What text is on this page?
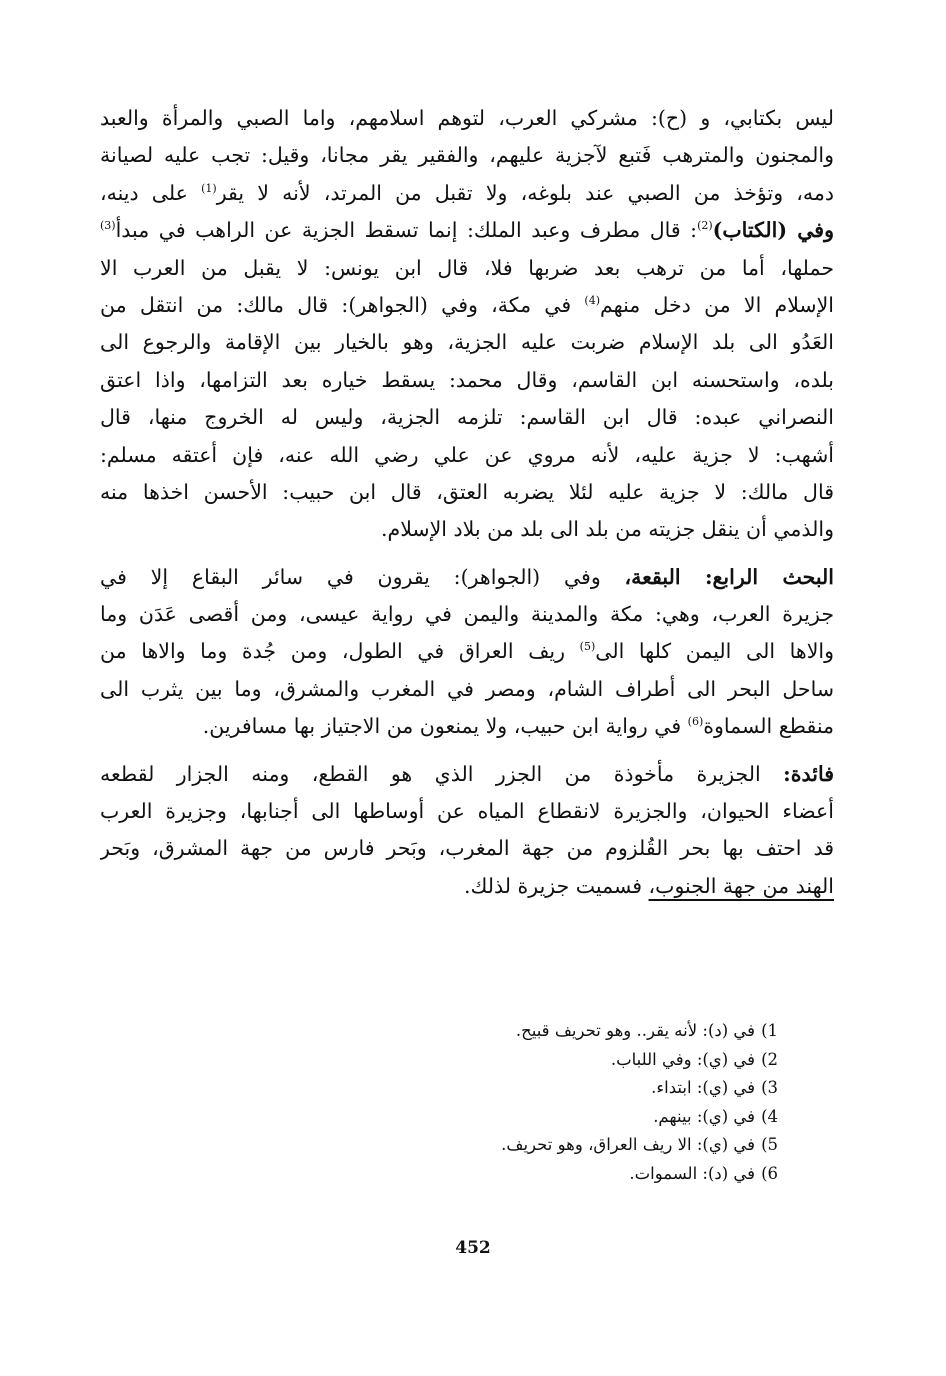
ليس بكتابي، و (ح): مشركي العرب، لتوهم اسلامهم، واما الصبي والمرأة والعبد
والمجنون والمترهب فَتبع لآجزية عليهم، والفقير يقر مجانا، وقيل: تجب عليه لصيانة
دمه، وتؤخذ من الصبي عند بلوغه، ولا تقبل من المرتد، لأنه لا يقر$^{(1)}$ على دينه،
وفي (الكتاب)$^{(2)}$: قال مطرف وعبد الملك: إنما تسقط الجزية عن الراهب في مبدأ$^{(3)}$
حملها، أما من ترهب بعد ضربها فلا، قال ابن يونس: لا يقبل من العرب الا
الإسلام الا من دخل منهم$^{(4)}$ في مكة، وفي (الجواهر): قال مالك: من انتقل من
العَدُو الى بلد الإسلام ضربت عليه الجزية، وهو بالخيار بين الإقامة والرجوع الى
بلده، واستحسنه ابن القاسم، وقال محمد: يسقط خياره بعد التزامها، واذا اعتق
النصراني عبده: قال ابن القاسم: تلزمه الجزية، وليس له الخروج منها، قال
أشهب: لا جزية عليه، لأنه مروي عن علي رضي الله عنه، فإن أعتقه مسلم:
قال مالك: لا جزية عليه لئلا يضربه العتق، قال ابن حبيب: الأحسن اخذها منه
والذمي أن ينقل جزيته من بلد الى بلد من بلاد الإسلام.
البحث الرابع: البقعة، وفي (الجواهر): يقرون في سائر البقاع إلا في
جزيرة العرب، وهي: مكة والمدينة واليمن في رواية عيسى، ومن أقصى عَدَن وما
والاها الى اليمن كلها الى$^{(5)}$ ريف العراق في الطول، ومن جُدة وما والاها من
ساحل البحر الى أطراف الشام، ومصر في المغرب والمشرق، وما بين يثرب الى
منقطع السماوة$^{(6)}$ في رواية ابن حبيب، ولا يمنعون من الاجتياز بها مسافرين.
فائدة: الجزيرة مأخوذة من الجزر الذي هو القطع، ومنه الجزار لقطعه
أعضاء الحيوان، والجزيرة لانقطاع المياه عن أوساطها الى أجنابها، وجزيرة العرب
قد احتف بها بحر القُلزوم من جهة المغرب، وبَحر فارس من جهة المشرق، وبَحر
الهند من جهة الجنوب، فسميت جزيرة لذلك.
1)في (د): لأنه يقر.. وهو تحريف قبيح.
2)في (ي): وفي اللباب.
3)في (ي): ابتداء.
4)في (ي): بينهم.
5)في (ي): الا ريف العراق، وهو تحريف.
6)في (د): السموات.
452
